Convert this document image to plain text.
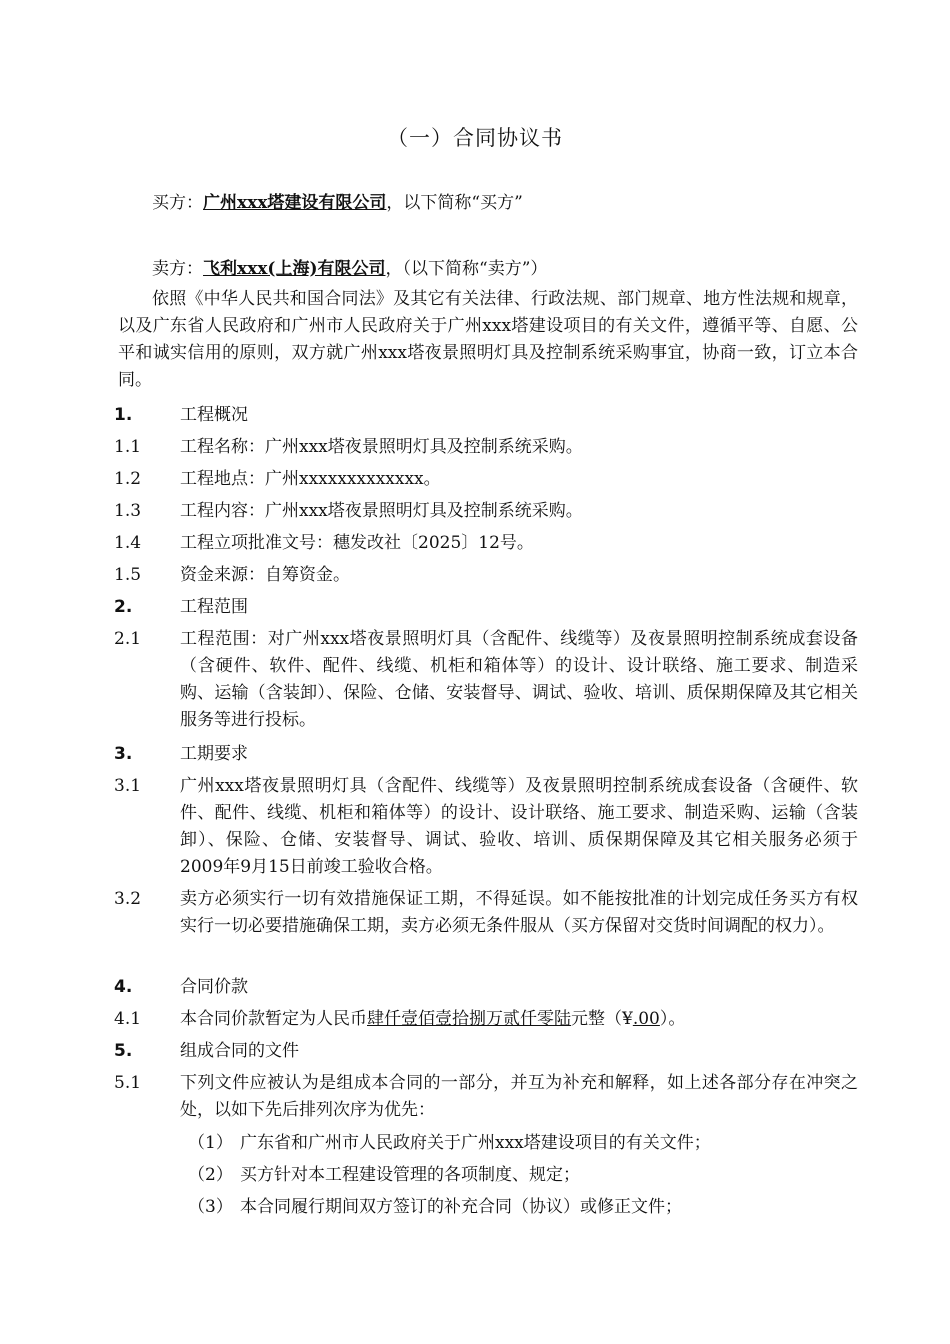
（一）合同协议书
买方：广州xxx塔建设有限公司，以下简称“买方”
卖方：飞利xxx(上海)有限公司，（以下简称“卖方”）
依照《中华人民共和国合同法》及其它有关法律、行政法规、部门规章、地方性法规和规章，以及广东省人民政府和广州市人民政府关于广州xxx塔建设项目的有关文件，遵循平等、自愿、公平和诚实信用的原则，双方就广州xxx塔夜景照明灯具及控制系统采购事宜，协商一致，订立本合同。
1.	工程概况
1.1	工程名称：广州xxx塔夜景照明灯具及控制系统采购。
1.2	工程地点：广州xxxxxxxxxxxxx。
1.3	工程内容：广州xxx塔夜景照明灯具及控制系统采购。
1.4	工程立项批准文号：穗发改社〔2025〕12号。
1.5	资金来源：自筹资金。
2.	工程范围
2.1	工程范围：对广州xxx塔夜景照明灯具（含配件、线缆等）及夜景照明控制系统成套设备（含硬件、软件、配件、线缆、机柜和箱体等）的设计、设计联络、施工要求、制造采购、运输（含装卸）、保险、仓储、安装督导、调试、验收、培训、质保期保障及其它相关服务等进行投标。
3.	工期要求
3.1	广州xxx塔夜景照明灯具（含配件、线缆等）及夜景照明控制系统成套设备（含硬件、软件、配件、线缆、机柜和箱体等）的设计、设计联络、施工要求、制造采购、运输（含装卸）、保险、仓储、安装督导、调试、验收、培训、质保期保障及其它相关服务必须于2009年9月15日前竣工验收合格。
3.2	卖方必须实行一切有效措施保证工期，不得延误。如不能按批准的计划完成任务买方有权实行一切必要措施确保工期，卖方必须无条件服从（买方保留对交货时间调配的权力）。
4.	合同价款
4.1	本合同价款暂定为人民币肆仟壹佰壹拾捌万贰仟零陆元整（¥.00）。
5.	组成合同的文件
5.1	下列文件应被认为是组成本合同的一部分，并互为补充和解释，如上述各部分存在冲突之处，以如下先后排列次序为优先：
（1） 广东省和广州市人民政府关于广州xxx塔建设项目的有关文件；
（2） 买方针对本工程建设管理的各项制度、规定；
（3） 本合同履行期间双方签订的补充合同（协议）或修正文件；
